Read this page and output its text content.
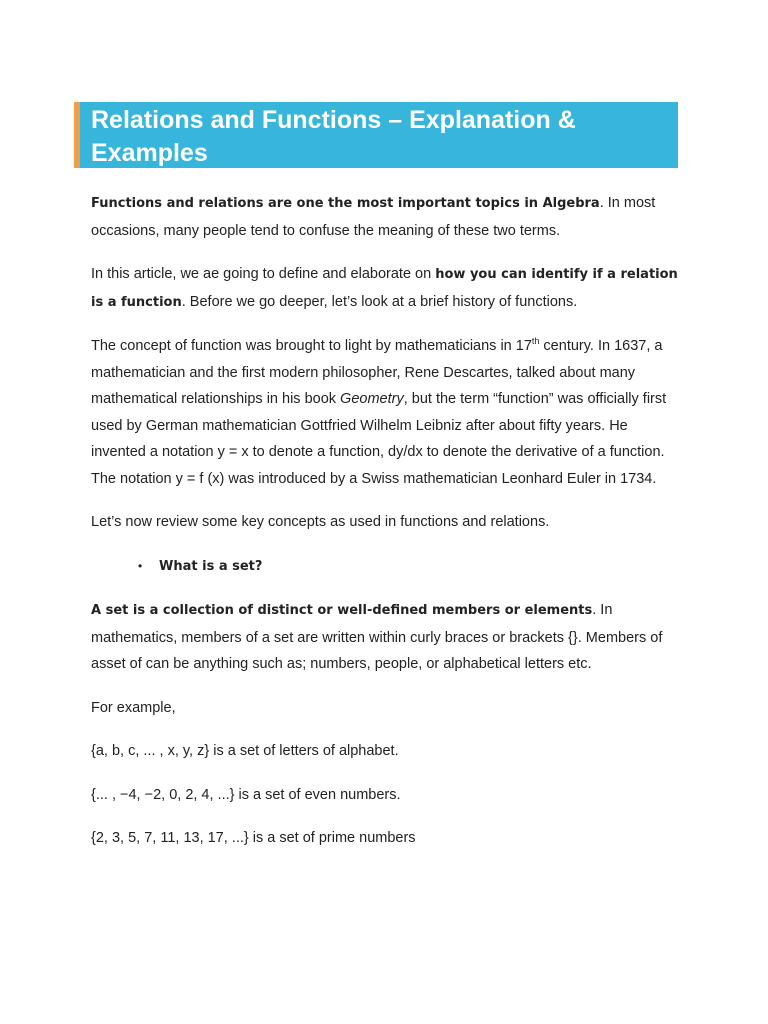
Relations and Functions – Explanation & Examples

Functions and relations are one the most important topics in Algebra. In most occasions, many people tend to confuse the meaning of these two terms.

In this article, we ae going to define and elaborate on how you can identify if a relation is a function. Before we go deeper, let’s look at a brief history of functions.

The concept of function was brought to light by mathematicians in 17th century. In 1637, a mathematician and the first modern philosopher, Rene Descartes, talked about many mathematical relationships in his book Geometry, but the term “function” was officially first used by German mathematician Gottfried Wilhelm Leibniz after about fifty years. He invented a notation y = x to denote a function, dy/dx to denote the derivative of a function. The notation y = f (x) was introduced by a Swiss mathematician Leonhard Euler in 1734.

Let’s now review some key concepts as used in functions and relations.

• What is a set?

A set is a collection of distinct or well-defined members or elements. In mathematics, members of a set are written within curly braces or brackets {}. Members of asset of can be anything such as; numbers, people, or alphabetical letters etc.

For example,

{a, b, c, ... , x, y, z} is a set of letters of alphabet.

{... , −4, −2, 0, 2, 4, ...} is a set of even numbers.

{2, 3, 5, 7, 11, 13, 17, ...} is a set of prime numbers
